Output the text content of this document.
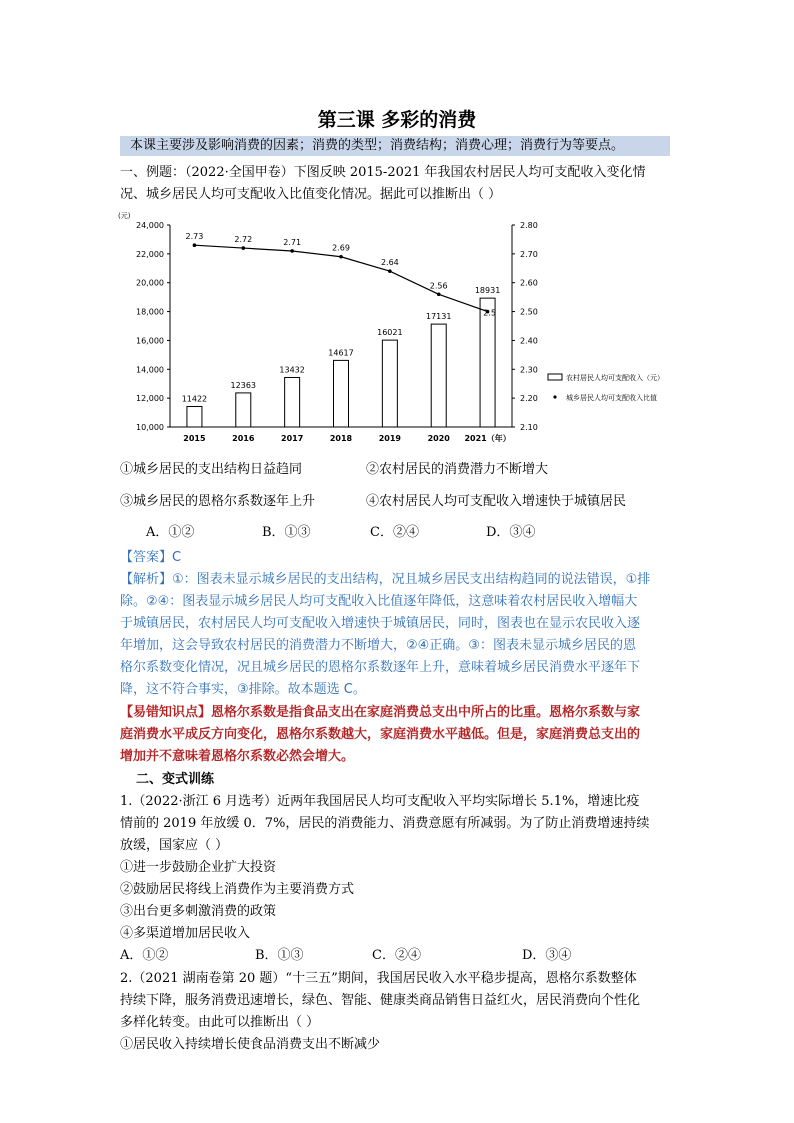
第三课 多彩的消费
本课主要涉及影响消费的因素；消费的类型；消费结构；消费心理；消费行为等要点。
一、例题：（2022·全国甲卷）下图反映 2015-2021 年我国农村居民人均可支配收入变化情
况、城乡居民人均可支配收入比值变化情况。据此可以推断出（ ）
24,000
22,000
20,000
18,000
16,000
14,000
12,000
10,000
(元)
2.80
2.70
2.60
2.50
2.40
2.30
2.20
2.10
11422
2015
12363
2016
13432
2017
14617
2018
16021
2019
17131
2020
18931
2021（年）
2.73	2.72	2.71
2.69
2.64
2.56
2.5
农村居民人均可支配收入（元）
城乡居民人均可支配收入比值
①城乡居民的支出结构日益趋同	②农村居民的消费潜力不断增大
③城乡居民的恩格尔系数逐年上升	④农村居民人均可支配收入增速快于城镇居民
A．①②	B．①③	C．②④	D．③④
【答案】C
【解析】①：图表未显示城乡居民的支出结构，况且城乡居民支出结构趋同的说法错误，①排
除。②④：图表显示城乡居民人均可支配收入比值逐年降低，这意味着农村居民收入增幅大
于城镇居民，农村居民人均可支配收入增速快于城镇居民，同时，图表也在显示农民收入逐
年增加，这会导致农村居民的消费潜力不断增大，②④正确。③：图表未显示城乡居民的恩
格尔系数变化情况，况且城乡居民的恩格尔系数逐年上升，意味着城乡居民消费水平逐年下
降，这不符合事实，③排除。故本题选 C。
【易错知识点】恩格尔系数是指食品支出在家庭消费总支出中所占的比重。恩格尔系数与家
庭消费水平成反方向变化，恩格尔系数越大，家庭消费水平越低。但是，家庭消费总支出的
增加并不意味着恩格尔系数必然会增大。
二、变式训练
1.（2022·浙江 6 月选考）近两年我国居民人均可支配收入平均实际增长 5.1%，增速比疫
情前的 2019 年放缓 0．7%，居民的消费能力、消费意愿有所减弱。为了防止消费增速持续
放缓，国家应（ ）
①进一步鼓励企业扩大投资
②鼓励居民将线上消费作为主要消费方式
③出台更多刺激消费的政策
④多渠道增加居民收入
A．①②	B．①③	C．②④	D．③④
2.（2021 湖南卷第 20 题）“十三五”期间，我国居民收入水平稳步提高，恩格尔系数整体
持续下降，服务消费迅速增长，绿色、智能、健康类商品销售日益红火，居民消费向个性化
多样化转变。由此可以推断出（ ）
①居民收入持续增长使食品消费支出不断减少
